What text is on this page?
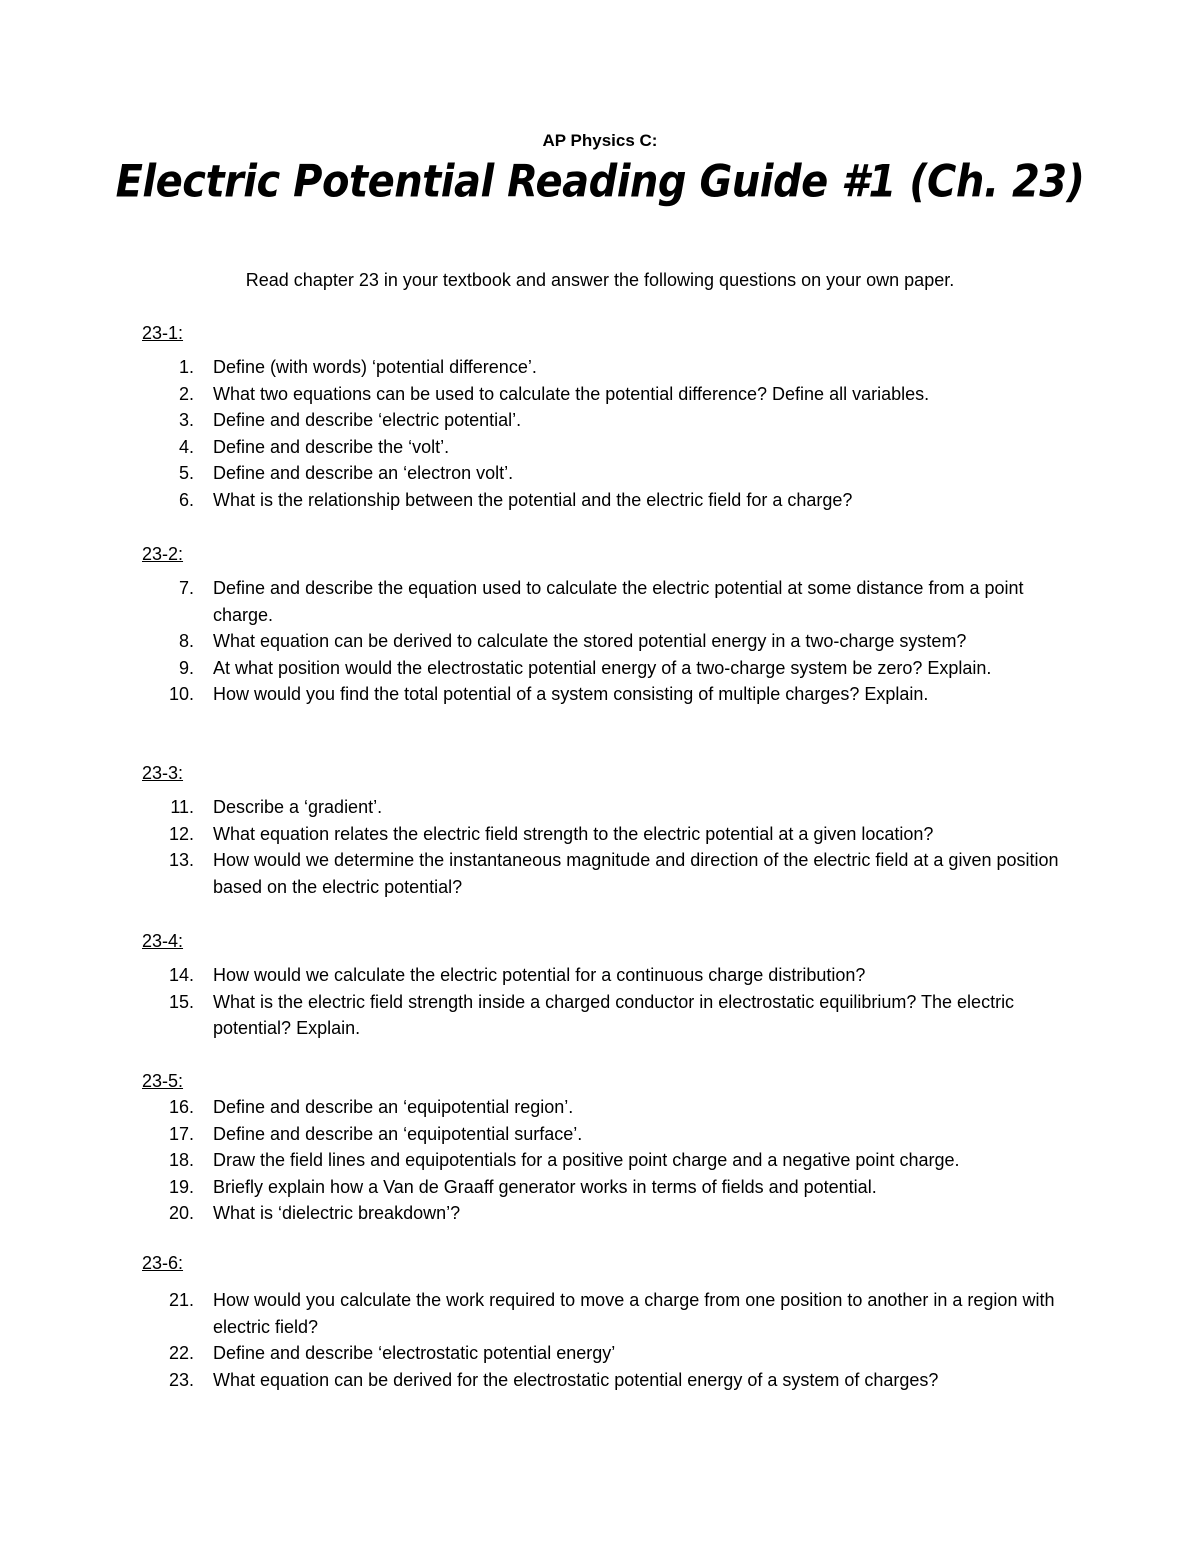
AP Physics C:
Electric Potential Reading Guide #1 (Ch. 23)
Read chapter 23 in your textbook and answer the following questions on your own paper.
23-1:
1. Define (with words) ‘potential difference’.
2. What two equations can be used to calculate the potential difference? Define all variables.
3. Define and describe ‘electric potential’.
4. Define and describe the ‘volt’.
5. Define and describe an ‘electron volt’.
6. What is the relationship between the potential and the electric field for a charge?
23-2:
7. Define and describe the equation used to calculate the electric potential at some distance from a point charge.
8. What equation can be derived to calculate the stored potential energy in a two-charge system?
9. At what position would the electrostatic potential energy of a two-charge system be zero? Explain.
10. How would you find the total potential of a system consisting of multiple charges? Explain.
23-3:
11. Describe a ‘gradient’.
12. What equation relates the electric field strength to the electric potential at a given location?
13. How would we determine the instantaneous magnitude and direction of the electric field at a given position based on the electric potential?
23-4:
14. How would we calculate the electric potential for a continuous charge distribution?
15. What is the electric field strength inside a charged conductor in electrostatic equilibrium? The electric potential? Explain.
23-5:
16. Define and describe an ‘equipotential region’.
17. Define and describe an ‘equipotential surface’.
18. Draw the field lines and equipotentials for a positive point charge and a negative point charge.
19. Briefly explain how a Van de Graaff generator works in terms of fields and potential.
20. What is ‘dielectric breakdown’?
23-6:
21. How would you calculate the work required to move a charge from one position to another in a region with electric field?
22. Define and describe ‘electrostatic potential energy’
23. What equation can be derived for the electrostatic potential energy of a system of charges?
